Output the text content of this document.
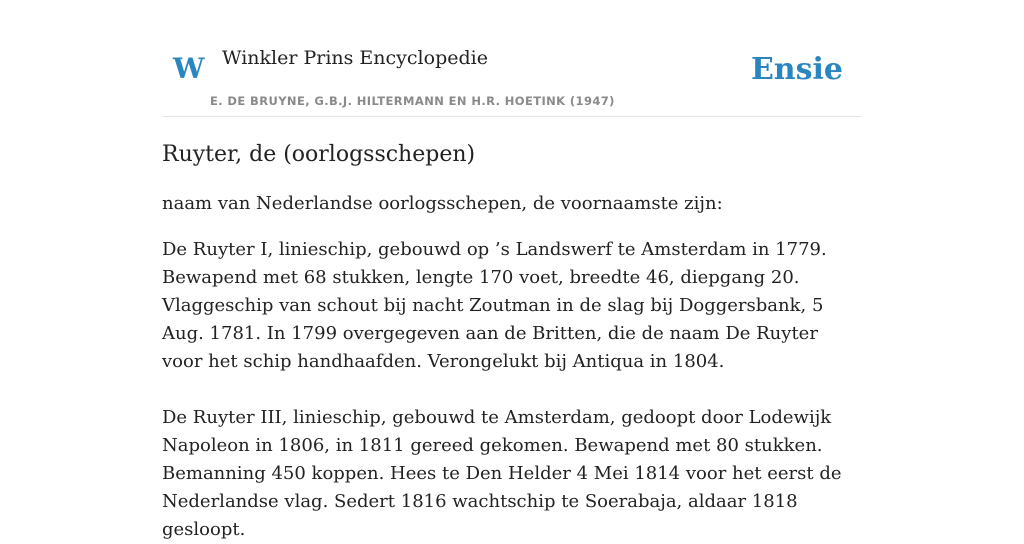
W Winkler Prins Encyclopedie
E. DE BRUYNE, G.B.J. HILTERMANN EN H.R. HOETINK (1947)
Ensie
Ruyter, de (oorlogsschepen)

naam van Nederlandse oorlogsschepen, de voornaamste zijn:

De Ruyter I, linieschip, gebouwd op ’s Landswerf te Amsterdam in 1779. Bewapend met 68 stukken, lengte 170 voet, breedte 46, diepgang 20. Vlaggeschip van schout bij nacht Zoutman in de slag bij Doggersbank, 5 Aug. 1781. In 1799 overgegeven aan de Britten, die de naam De Ruyter voor het schip handhaafden. Verongelukt bij Antiqua in 1804.

De Ruyter III, linieschip, gebouwd te Amsterdam, gedoopt door Lodewijk Napoleon in 1806, in 1811 gereed gekomen. Bewapend met 80 stukken. Bemanning 450 koppen. Hees te Den Helder 4 Mei 1814 voor het eerst de Nederlandse vlag. Sedert 1816 wachtschip te Soerabaja, aldaar 1818 gesloopt.
